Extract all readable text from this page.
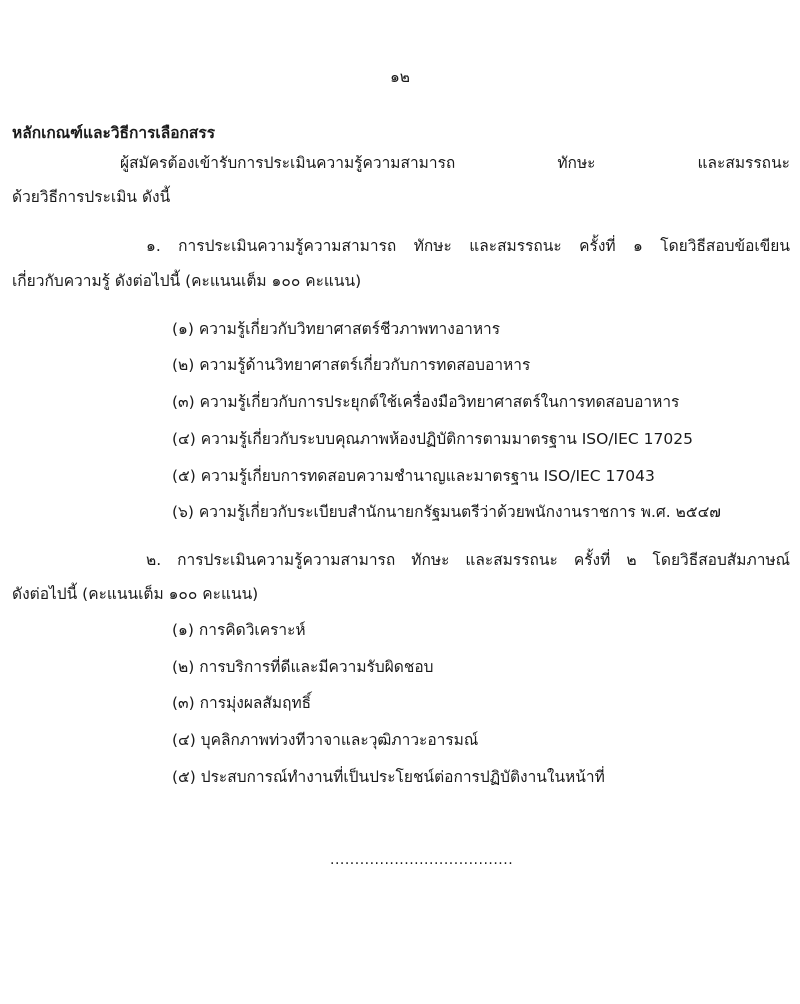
๑๒
หลักเกณฑ์และวิธีการเลือกสรร
ผู้สมัครต้องเข้ารับการประเมินความรู้ความสามารถ ทักษะ และสมรรถนะ
ด้วยวิธีการประเมิน ดังนี้
๑. การประเมินความรู้ความสามารถ ทักษะ และสมรรถนะ ครั้งที่ ๑ โดยวิธีสอบข้อเขียน
เกี่ยวกับความรู้ ดังต่อไปนี้ (คะแนนเต็ม ๑๐๐ คะแนน)
(๑) ความรู้เกี่ยวกับวิทยาศาสตร์ชีวภาพทางอาหาร
(๒) ความรู้ด้านวิทยาศาสตร์เกี่ยวกับการทดสอบอาหาร
(๓) ความรู้เกี่ยวกับการประยุกต์ใช้เครื่องมือวิทยาศาสตร์ในการทดสอบอาหาร
(๔) ความรู้เกี่ยวกับระบบคุณภาพห้องปฏิบัติการตามมาตรฐาน ISO/IEC 17025
(๕) ความรู้เกี่ยบการทดสอบความชำนาญและมาตรฐาน ISO/IEC 17043
(๖) ความรู้เกี่ยวกับระเบียบสำนักนายกรัฐมนตรีว่าด้วยพนักงานราชการ พ.ศ. ๒๕๔๗
๒. การประเมินความรู้ความสามารถ ทักษะ และสมรรถนะ ครั้งที่ ๒ โดยวิธีสอบสัมภาษณ์
ดังต่อไปนี้ (คะแนนเต็ม ๑๐๐ คะแนน)
(๑) การคิดวิเคราะห์
(๒) การบริการที่ดีและมีความรับผิดชอบ
(๓) การมุ่งผลสัมฤทธิ์
(๔) บุคลิกภาพท่วงทีวาจาและวุฒิภาวะอารมณ์
(๕) ประสบการณ์ทำงานที่เป็นประโยชน์ต่อการปฏิบัติงานในหน้าที่
.....................................
